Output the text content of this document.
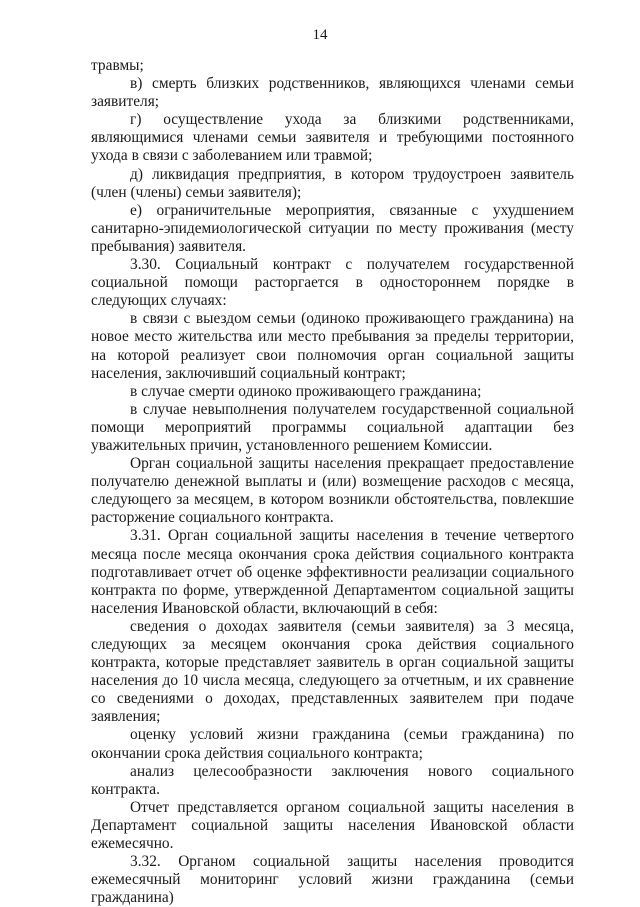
14

травмы;

в) смерть близких родственников, являющихся членами семьи заявителя;

г) осуществление ухода за близкими родственниками, являющимися членами семьи заявителя и требующими постоянного ухода в связи с заболеванием или травмой;

д) ликвидация предприятия, в котором трудоустроен заявитель (член (члены) семьи заявителя);

е) ограничительные мероприятия, связанные с ухудшением санитарно-эпидемиологической ситуации по месту проживания (месту пребывания) заявителя.

3.30. Социальный контракт с получателем государственной социальной помощи расторгается в одностороннем порядке в следующих случаях:

в связи с выездом семьи (одиноко проживающего гражданина) на новое место жительства или место пребывания за пределы территории, на которой реализует свои полномочия орган социальной защиты населения, заключивший социальный контракт;

в случае смерти одиноко проживающего гражданина;

в случае невыполнения получателем государственной социальной помощи мероприятий программы социальной адаптации без уважительных причин, установленного решением Комиссии.

Орган социальной защиты населения прекращает предоставление получателю денежной выплаты и (или) возмещение расходов с месяца, следующего за месяцем, в котором возникли обстоятельства, повлекшие расторжение социального контракта.

3.31. Орган социальной защиты населения в течение четвертого месяца после месяца окончания срока действия социального контракта подготавливает отчет об оценке эффективности реализации социального контракта по форме, утвержденной Департаментом социальной защиты населения Ивановской области, включающий в себя:

сведения о доходах заявителя (семьи заявителя) за 3 месяца, следующих за месяцем окончания срока действия социального контракта, которые представляет заявитель в орган социальной защиты населения до 10 числа месяца, следующего за отчетным, и их сравнение со сведениями о доходах, представленных заявителем при подаче заявления;

оценку условий жизни гражданина (семьи гражданина) по окончании срока действия социального контракта;

анализ целесообразности заключения нового социального контракта.

Отчет представляется органом социальной защиты населения в Департамент социальной защиты населения Ивановской области ежемесячно.

3.32. Органом социальной защиты населения проводится ежемесячный мониторинг условий жизни гражданина (семьи гражданина)
